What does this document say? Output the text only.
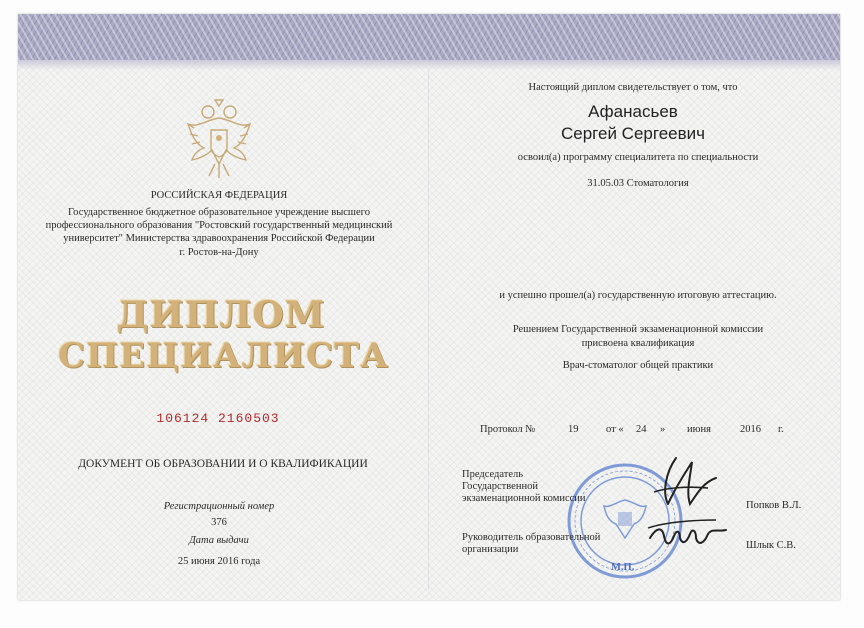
РОССИЙСКАЯ ФЕДЕРАЦИЯ
Государственное бюджетное образовательное учреждение высшего
профессионального образования "Ростовский государственный медицинский
университет" Министерства здравоохранения Российской Федерации
г. Ростов-на-Дону
ДИПЛОМ
СПЕЦИАЛИСТА
106124 2160503
ДОКУМЕНТ ОБ ОБРАЗОВАНИИ И О КВАЛИФИКАЦИИ
Регистрационный номер
376
Дата выдачи
25 июня 2016 года
Настоящий диплом свидетельствует о том, что
Афанасьев
Сергей Сергеевич
освоил(а) программу специалитета по специальности
31.05.03 Стоматология
и успешно прошел(а) государственную итоговую аттестацию.
Решением Государственной экзаменационной комиссии
присвоена квалификация
Врач-стоматолог общей практики
Протокол №	19	от « 24 » июня	2016 г.
М.П.
Председатель
Государственной
экзаменационной комиссии
Попков В.Л.
Руководитель образовательной
организации	Шлык С.В.
